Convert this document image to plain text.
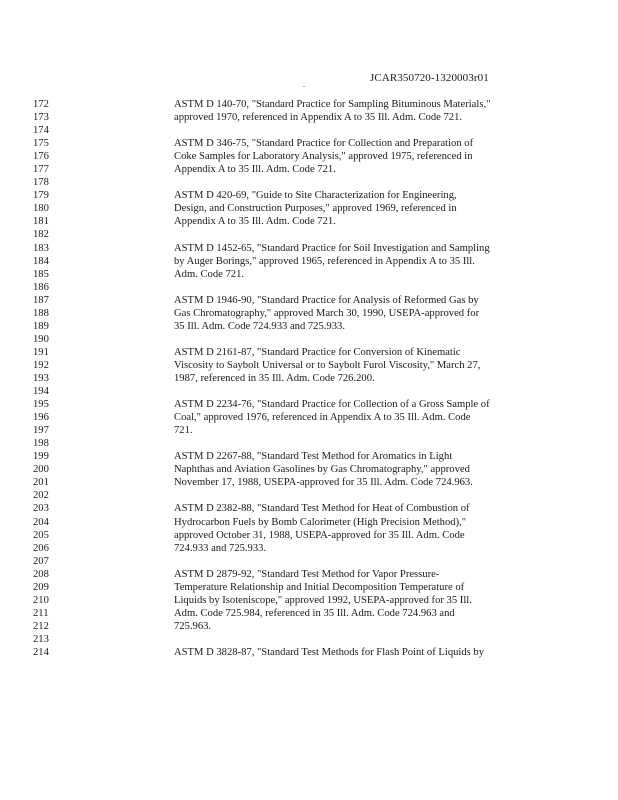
JCAR350720-1320003r01
.
172	ASTM D 140-70, "Standard Practice for Sampling Bituminous Materials,"
173	approved 1970, referenced in Appendix A to 35 Ill. Adm. Code 721.
174
175	ASTM D 346-75, "Standard Practice for Collection and Preparation of
176	Coke Samples for Laboratory Analysis," approved 1975, referenced in
177	Appendix A to 35 Ill. Adm. Code 721.
178
179	ASTM D 420-69, "Guide to Site Characterization for Engineering,
180	Design, and Construction Purposes," approved 1969, referenced in
181	Appendix A to 35 Ill. Adm. Code 721.
182
183	ASTM D 1452-65, "Standard Practice for Soil Investigation and Sampling
184	by Auger Borings," approved 1965, referenced in Appendix A to 35 Ill.
185	Adm. Code 721.
186
187	ASTM D 1946-90, "Standard Practice for Analysis of Reformed Gas by
188	Gas Chromatography," approved March 30, 1990, USEPA-approved for
189	35 Ill. Adm. Code 724.933 and 725.933.
190
191	ASTM D 2161-87, "Standard Practice for Conversion of Kinematic
192	Viscosity to Saybolt Universal or to Saybolt Furol Viscosity," March 27,
193	1987, referenced in 35 Ill. Adm. Code 726.200.
194
195	ASTM D 2234-76, "Standard Practice for Collection of a Gross Sample of
196	Coal," approved 1976, referenced in Appendix A to 35 Ill. Adm. Code
197	721.
198
199	ASTM D 2267-88, "Standard Test Method for Aromatics in Light
200	Naphthas and Aviation Gasolines by Gas Chromatography," approved
201	November 17, 1988, USEPA-approved for 35 Ill. Adm. Code 724.963.
202
203	ASTM D 2382-88, "Standard Test Method for Heat of Combustion of
204	Hydrocarbon Fuels by Bomb Calorimeter (High Precision Method),"
205	approved October 31, 1988, USEPA-approved for 35 Ill. Adm. Code
206	724.933 and 725.933.
207
208	ASTM D 2879-92, "Standard Test Method for Vapor Pressure-
209	Temperature Relationship and Initial Decomposition Temperature of
210	Liquids by Isoteniscope," approved 1992, USEPA-approved for 35 Ill.
211	Adm. Code 725.984, referenced in 35 Ill. Adm. Code 724.963 and
212	725.963.
213
214	ASTM D 3828-87, "Standard Test Methods for Flash Point of Liquids by
